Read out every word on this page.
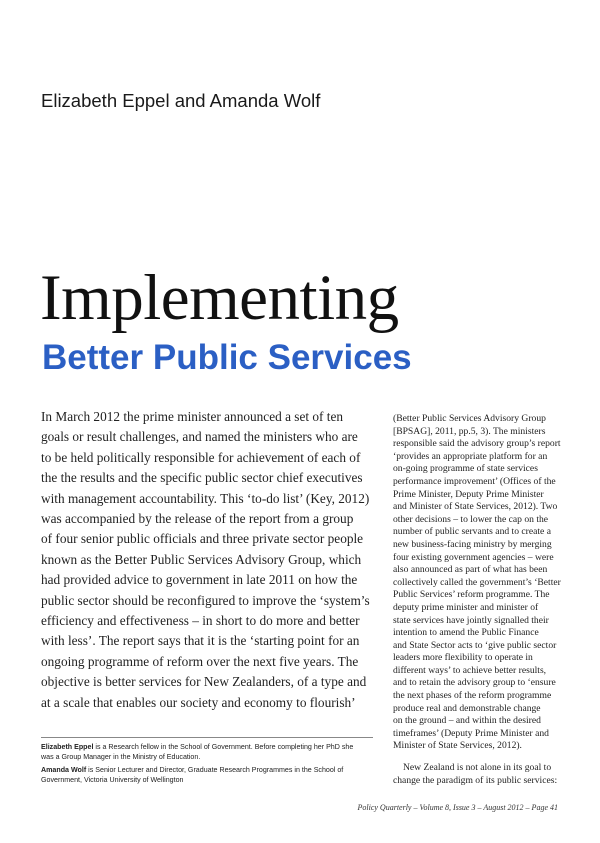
Elizabeth Eppel and Amanda Wolf
Implementing
Better Public Services

In March 2012 the prime minister announced a set of ten
goals or result challenges, and named the ministers who are
to be held politically responsible for achievement of each of
the the results and the specific public sector chief executives
with management accountability. This ‘to-do list’ (Key, 2012)
was accompanied by the release of the report from a group
of four senior public officials and three private sector people
known as the Better Public Services Advisory Group, which
had provided advice to government in late 2011 on how the
public sector should be reconfigured to improve the ‘system’s
efficiency and effectiveness – in short to do more and better
with less’. The report says that it is the ‘starting point for an
ongoing programme of reform over the next five years. The
objective is better services for New Zealanders, of a type and
at a scale that enables our society and economy to flourish’

Elizabeth Eppel is a Research fellow in the School of Government. Before completing her PhD she
was a Group Manager in the Ministry of Education.

Amanda Wolf is Senior Lecturer and Director, Graduate Research Programmes in the School of
Government, Victoria University of Wellington

(Better Public Services Advisory Group
[BPSAG], 2011, pp.5, 3). The ministers
responsible said the advisory group’s report
‘provides an appropriate platform for an
on-going programme of state services
performance improvement’ (Offices of the
Prime Minister, Deputy Prime Minister
and Minister of State Services, 2012). Two
other decisions – to lower the cap on the
number of public servants and to create a
new business-facing ministry by merging
four existing government agencies – were
also announced as part of what has been
collectively called the government’s ‘Better
Public Services’ reform programme. The
deputy prime minister and minister of
state services have jointly signalled their
intention to amend the Public Finance
and State Sector acts to ‘give public sector
leaders more flexibility to operate in
different ways’ to achieve better results,
and to retain the advisory group to ‘ensure
the next phases of the reform programme
produce real and demonstrable change
on the ground – and within the desired
timeframes’ (Deputy Prime Minister and
Minister of State Services, 2012).

New Zealand is not alone in its goal to
change the paradigm of its public services:

Policy Quarterly – Volume 8, Issue 3 – August 2012 – Page 41
